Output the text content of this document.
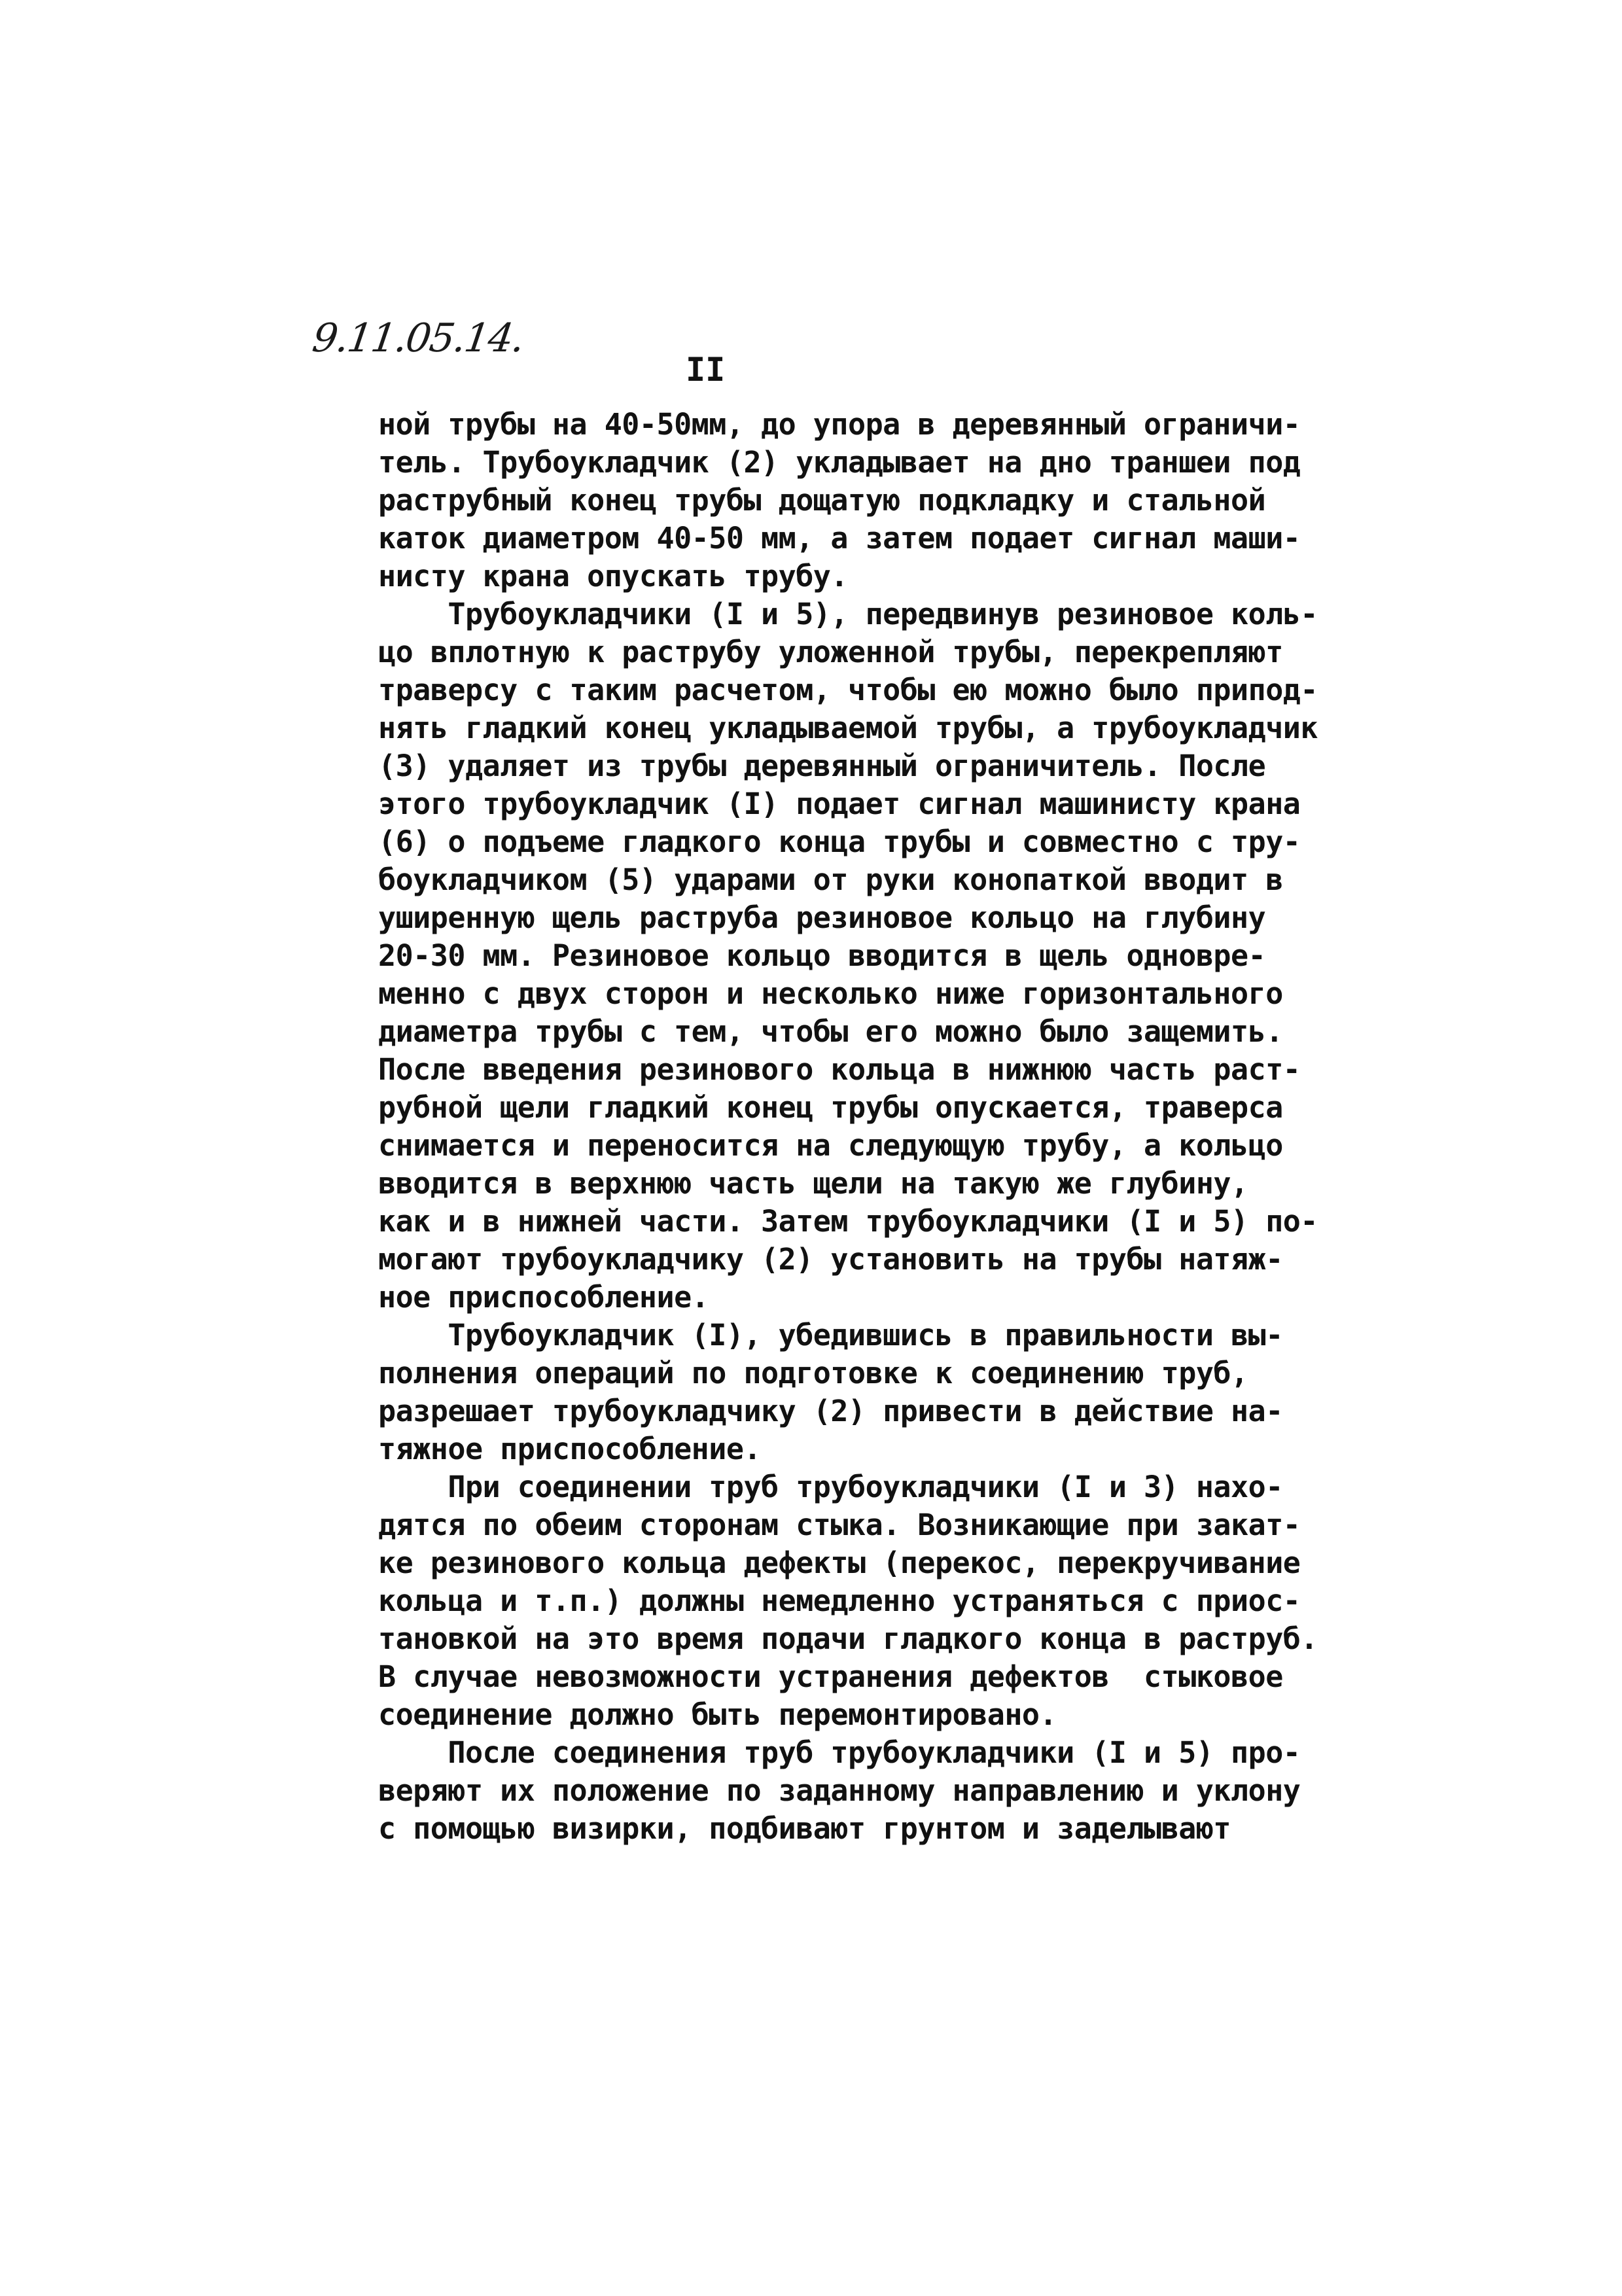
9.11.05.14.
II
ной трубы на 40-50мм, до упора в деревянный ограничи-
тель. Трубоукладчик (2) укладывает на дно траншеи под
раструбный конец трубы дощатую подкладку и стальной
каток диаметром 40-50 мм, а затем подает сигнал маши-
нисту крана опускать трубу.
Трубоукладчики (I и 5), передвинув резиновое коль-
цо вплотную к раструбу уложенной трубы, перекрепляют
траверсу с таким расчетом, чтобы ею можно было припод-
нять гладкий конец укладываемой трубы, а трубоукладчик
(3) удаляет из трубы деревянный ограничитель. После
этого трубоукладчик (I) подает сигнал машинисту крана
(6) о подъеме гладкого конца трубы и совместно с тру-
боукладчиком (5) ударами от руки конопаткой вводит в
уширенную щель раструба резиновое кольцо на глубину
20-30 мм. Резиновое кольцо вводится в щель одновре-
менно с двух сторон и несколько ниже горизонтального
диаметра трубы с тем, чтобы его можно было защемить.
После введения резинового кольца в нижнюю часть раст-
рубной щели гладкий конец трубы опускается, траверса
снимается и переносится на следующую трубу, а кольцо
вводится в верхнюю часть щели на такую же глубину,
как и в нижней части. Затем трубоукладчики (I и 5) по-
могают трубоукладчику (2) установить на трубы натяж-
ное приспособление.
Трубоукладчик (I), убедившись в правильности вы-
полнения операций по подготовке к соединению труб,
разрешает трубоукладчику (2) привести в действие на-
тяжное приспособление.
При соединении труб трубоукладчики (I и 3) нахо-
дятся по обеим сторонам стыка. Возникающие при закат-
ке резинового кольца дефекты (перекос, перекручивание
кольца и т.п.) должны немедленно устраняться с приос-
тановкой на это время подачи гладкого конца в раструб.
В случае невозможности устранения дефектов  стыковое
соединение должно быть перемонтировано.
После соединения труб трубоукладчики (I и 5) про-
веряют их положение по заданному направлению и уклону
с помощью визирки, подбивают грунтом и заделывают
